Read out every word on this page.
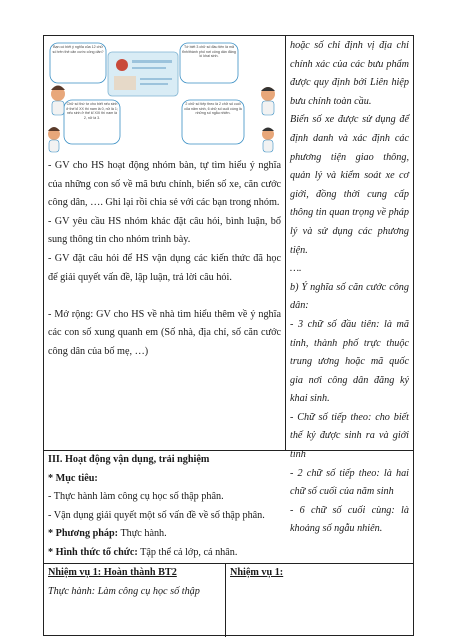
Bạn có biết ý nghĩa của 12 chữ số trên thẻ căn cước công dân?
Tớ biết 3 chữ số đầu tiên là mã tỉnh/thành phố nơi công dân đăng kí khai sinh.
Chữ số thứ tư cho biết nếu sinh ở thế kỉ XX thì nam là 0, nữ là 1; nếu sinh ở thế kỉ XXI thì nam là 2, nữ là 3.
2 chữ số tiếp theo là 2 chữ số cuối của năm sinh, 6 chữ số cuối cùng là những số ngẫu nhiên.

- GV cho HS hoạt động nhóm bàn, tự tìm hiểu ý nghĩa của những con số về mã bưu chính, biển số xe, căn cước công dân, …. Ghi lại rồi chia sẻ với các bạn trong nhóm.

- GV yêu cầu HS nhóm khác đặt câu hỏi, bình luận, bổ sung thông tin cho nhóm trình bày.

- GV đặt câu hỏi để HS vận dụng các kiến thức đã học để giải quyết vấn đề, lập luận, trả lời câu hỏi.

- Mở rộng: GV cho HS về nhà tìm hiểu thêm về ý nghĩa các con số xung quanh em (Số nhà, địa chỉ, số căn cước công dân của bố mẹ, …)

hoặc số chỉ định vị địa chỉ chính xác của các bưu phẩm được quy định bởi Liên hiệp bưu chính toàn cầu.

Biển số xe được sử dụng để định danh và xác định các phương tiện giao thông, quản lý và kiểm soát xe cơ giới, đồng thời cung cấp thông tin quan trọng về pháp lý và sử dụng các phương tiện.

….

b) Ý nghĩa số căn cước công dân:

- 3 chữ số đầu tiên: là mã tỉnh, thành phố trực thuộc trung ương hoặc mã quốc gia nơi công dân đăng ký khai sinh.

- Chữ số tiếp theo: cho biết thế kỷ được sinh ra và giới tính

- 2 chữ số tiếp theo: là hai chữ số cuối của năm sinh

- 6 chữ số cuối cùng: là khoảng số ngẫu nhiên.

III. Hoạt động vận dụng, trải nghiệm

* Mục tiêu:

- Thực hành làm công cụ học số thập phân.

- Vận dụng giải quyết một số vấn đề về số thập phân.

* Phương pháp: Thực hành.

* Hình thức tổ chức: Tập thể cả lớp, cá nhân.

Nhiệm vụ 1: Hoàn thành BT2

Thực hành: Làm công cụ học số thập

Nhiệm vụ 1:
